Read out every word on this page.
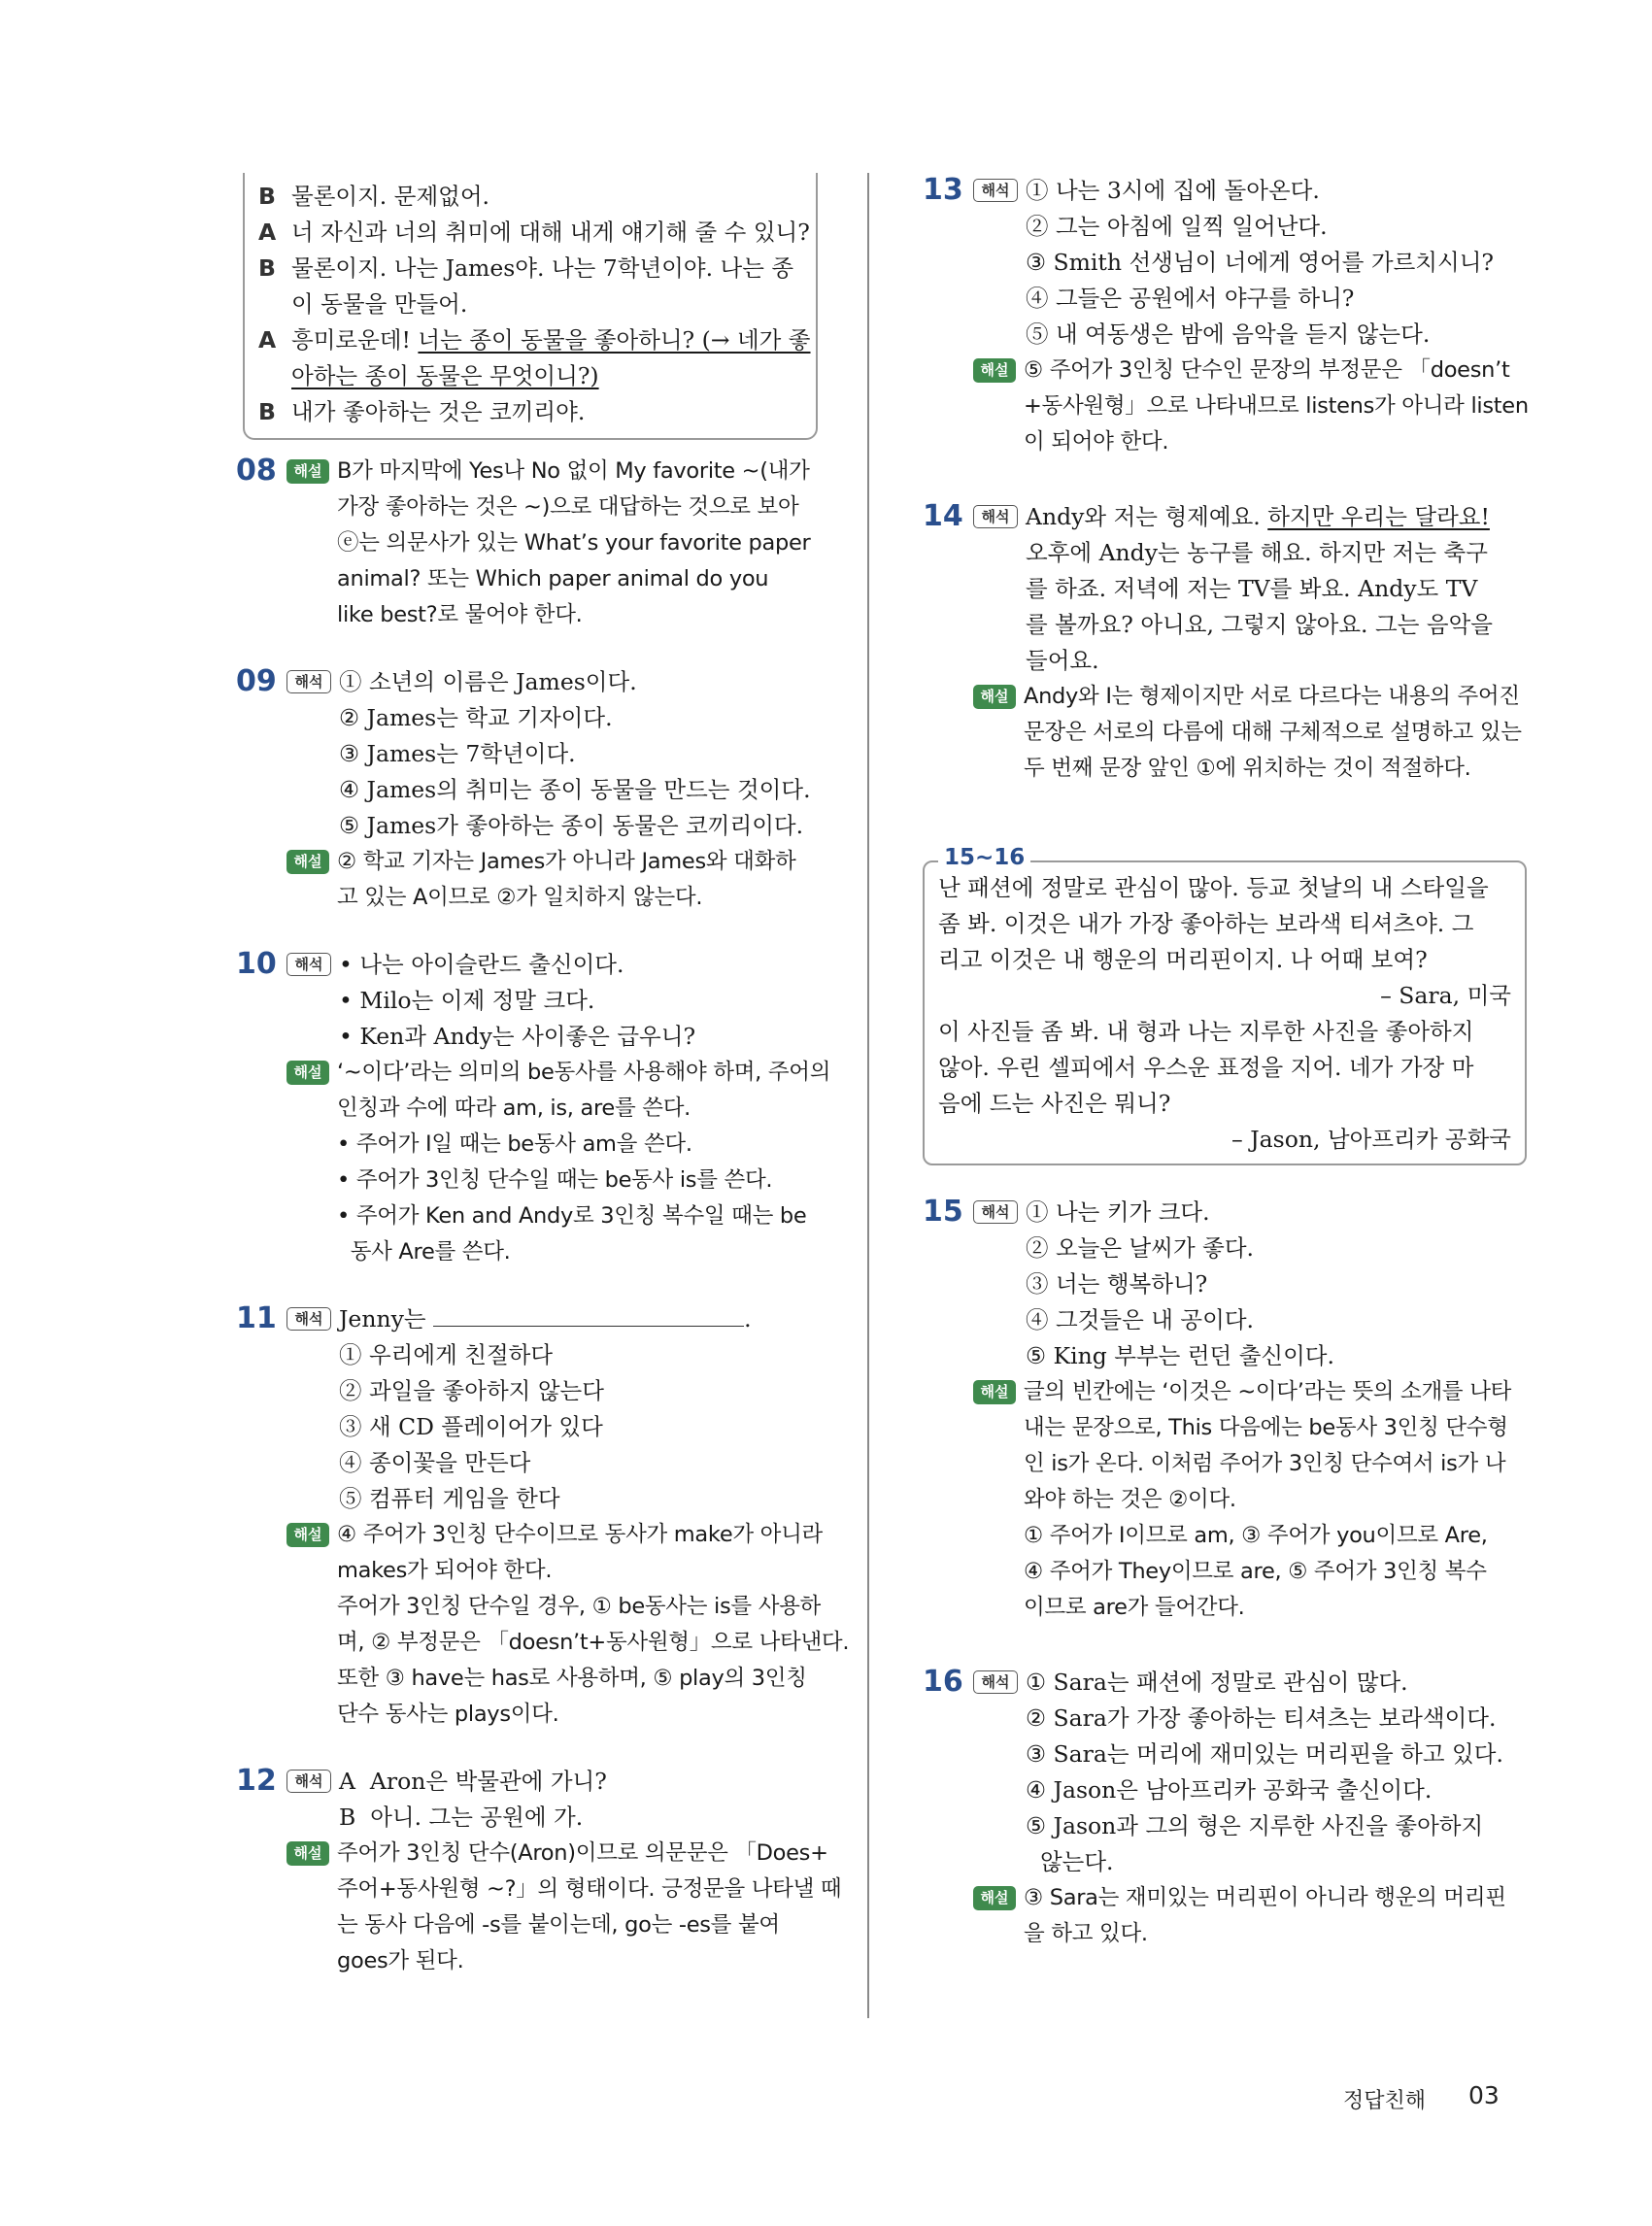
B 물론이지. 문제없어.
A 너 자신과 너의 취미에 대해 내게 얘기해 줄 수 있니?
B 물론이지. 나는 James야. 나는 7학년이야. 나는 종
이 동물을 만들어.
A 흥미로운데! 너는 종이 동물을 좋아하니? (→ 네가 좋
아하는 종이 동물은 무엇이니?)
B 내가 좋아하는 것은 코끼리야.
08	해설 B가 마지막에 Yes나 No 없이 My favorite ~(내가
가장 좋아하는 것은 ~)으로 대답하는 것으로 보아
ⓔ는 의문사가 있는 What’s your favorite paper
animal? 또는 Which paper animal do you
like best?로 물어야 한다.
09	해석 ① 소년의 이름은 James이다.
② James는 학교 기자이다.
③ James는 7학년이다.
④ James의 취미는 종이 동물을 만드는 것이다.
⑤ James가 좋아하는 종이 동물은 코끼리이다.
해설 ② 학교 기자는 James가 아니라 James와 대화하
고 있는 A이므로 ②가 일치하지 않는다.
10	해석 • 나는 아이슬란드 출신이다.
• Milo는 이제 정말 크다.
• Ken과 Andy는 사이좋은 급우니?
해설 ‘~이다’라는 의미의 be동사를 사용해야 하며, 주어의
인칭과 수에 따라 am, is, are를 쓴다.
• 주어가 I일 때는 be동사 am을 쓴다.
• 주어가 3인칭 단수일 때는 be동사 is를 쓴다.
• 주어가 Ken and Andy로 3인칭 복수일 때는 be
동사 Are를 쓴다.
11	해석 Jenny는	.
① 우리에게 친절하다
② 과일을 좋아하지 않는다
③ 새 CD 플레이어가 있다
④ 종이꽃을 만든다
⑤ 컴퓨터 게임을 한다
해설 ④ 주어가 3인칭 단수이므로 동사가 make가 아니라
makes가 되어야 한다.
주어가 3인칭 단수일 경우, ① be동사는 is를 사용하
며, ② 부정문은 「doesn’t+동사원형」으로 나타낸다.
또한 ③ have는 has로 사용하며, ⑤ play의 3인칭
단수 동사는 plays이다.
12	해석 A  Aron은 박물관에 가니?
B  아니. 그는 공원에 가.
해설 주어가 3인칭 단수(Aron)이므로 의문문은 「Does+
주어+동사원형 ~?」의 형태이다. 긍정문을 나타낼 때
는 동사 다음에 -s를 붙이는데, go는 -es를 붙여
goes가 된다.
13	해석 ① 나는 3시에 집에 돌아온다.
② 그는 아침에 일찍 일어난다.
③ Smith 선생님이 너에게 영어를 가르치시니?
④ 그들은 공원에서 야구를 하니?
⑤ 내 여동생은 밤에 음악을 듣지 않는다.
해설 ⑤ 주어가 3인칭 단수인 문장의 부정문은 「doesn’t
+동사원형」으로 나타내므로 listens가 아니라 listen
이 되어야 한다.
14	해석 Andy와 저는 형제예요. 하지만 우리는 달라요!
오후에 Andy는 농구를 해요. 하지만 저는 축구
를 하죠. 저녁에 저는 TV를 봐요. Andy도 TV
를 볼까요? 아니요, 그렇지 않아요. 그는 음악을
들어요.
해설 Andy와 I는 형제이지만 서로 다르다는 내용의 주어진
문장은 서로의 다름에 대해 구체적으로 설명하고 있는
두 번째 문장 앞인 ①에 위치하는 것이 적절하다.
15~16
난 패션에 정말로 관심이 많아. 등교 첫날의 내 스타일을
좀 봐. 이것은 내가 가장 좋아하는 보라색 티셔츠야. 그
리고 이것은 내 행운의 머리핀이지. 나 어때 보여?
– Sara, 미국
이 사진들 좀 봐. 내 형과 나는 지루한 사진을 좋아하지
않아. 우린 셀피에서 우스운 표정을 지어. 네가 가장 마
음에 드는 사진은 뭐니?
– Jason, 남아프리카 공화국
15	해석 ① 나는 키가 크다.
② 오늘은 날씨가 좋다.
③ 너는 행복하니?
④ 그것들은 내 공이다.
⑤ King 부부는 런던 출신이다.
해설 글의 빈칸에는 ‘이것은 ~이다’라는 뜻의 소개를 나타
내는 문장으로, This 다음에는 be동사 3인칭 단수형
인 is가 온다. 이처럼 주어가 3인칭 단수여서 is가 나
와야 하는 것은 ②이다.
① 주어가 I이므로 am, ③ 주어가 you이므로 Are,
④ 주어가 They이므로 are, ⑤ 주어가 3인칭 복수
이므로 are가 들어간다.
16	해석 ① Sara는 패션에 정말로 관심이 많다.
② Sara가 가장 좋아하는 티셔츠는 보라색이다.
③ Sara는 머리에 재미있는 머리핀을 하고 있다.
④ Jason은 남아프리카 공화국 출신이다.
⑤ Jason과 그의 형은 지루한 사진을 좋아하지
않는다.
해설 ③ Sara는 재미있는 머리핀이 아니라 행운의 머리핀
을 하고 있다.
정답친해 03
